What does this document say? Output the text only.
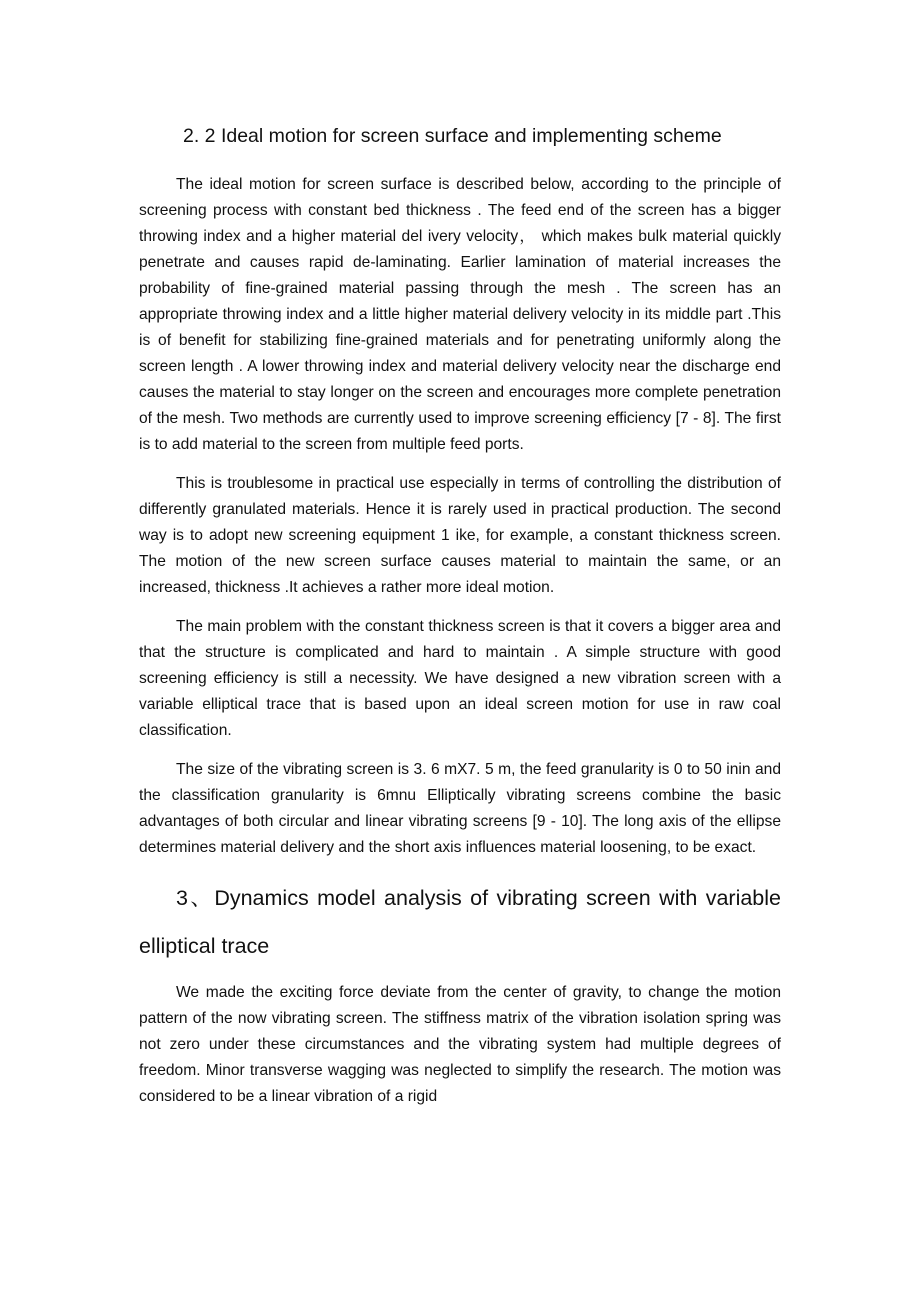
2. 2 Ideal motion for screen surface and implementing scheme

The ideal motion for screen surface is described below, according to the principle of screening process with constant bed thickness . The feed end of the screen has a bigger throwing index and a higher material del ivery velocity， which makes bulk material quickly penetrate and causes rapid de-laminating. Earlier lamination of material increases the probability of fine-grained material passing through the mesh . The screen has an appropriate throwing index and a little higher material delivery velocity in its middle part .This is of benefit for stabilizing fine-grained materials and for penetrating uniformly along the screen length . A lower throwing index and material delivery velocity near the discharge end causes the material to stay longer on the screen and encourages more complete penetration of the mesh. Two methods are currently used to improve screening efficiency [7 - 8]. The first is to add material to the screen from multiple feed ports.

This is troublesome in practical use especially in terms of controlling the distribution of differently granulated materials. Hence it is rarely used in practical production. The second way is to adopt new screening equipment 1 ike, for example, a constant thickness screen. The motion of the new screen surface causes material to maintain the same, or an increased, thickness .It achieves a rather more ideal motion.

The main problem with the constant thickness screen is that it covers a bigger area and that the structure is complicated and hard to maintain . A simple structure with good screening efficiency is still a necessity. We have designed a new vibration screen with a variable elliptical trace that is based upon an ideal screen motion for use in raw coal classification.

The size of the vibrating screen is 3. 6 mX7. 5 m, the feed granularity is 0 to 50 inin and the classification granularity is 6mnu Elliptically vibrating screens combine the basic advantages of both circular and linear vibrating screens [9 - 10]. The long axis of the ellipse determines material delivery and the short axis influences material loosening, to be exact.

3、Dynamics model analysis of vibrating screen with variable elliptical trace

We made the exciting force deviate from the center of gravity, to change the motion pattern of the now vibrating screen. The stiffness matrix of the vibration isolation spring was not zero under these circumstances and the vibrating system had multiple degrees of freedom. Minor transverse wagging was neglected to simplify the research. The motion was considered to be a linear vibration of a rigid
